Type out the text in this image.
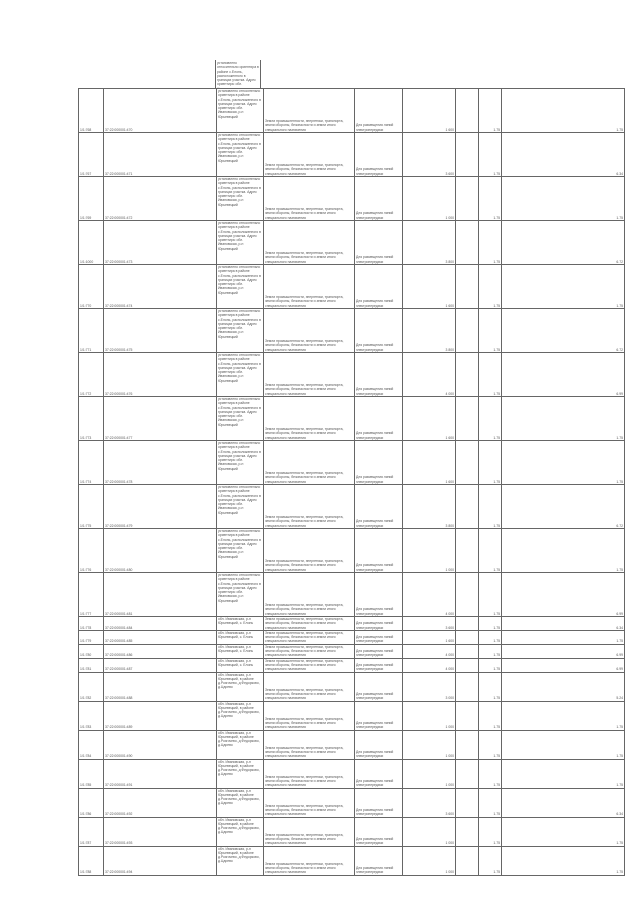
установлено относительно ориентира в районе с.Елонь, расположенного в границах участка. Адрес ориентира: обл.
1/1:768	37:22:000001:470	установлено относительно ориентира в районе с.Елонь, расположенного в границах участка. Адрес ориентира: обл. Ивановская, р-н Юрьевецкий	Земли промышленности, энергетики, транспорта, земли обороны, безопасности и земли иного специального назначения	Для размещения линий электропередачи	1 600		1.75	1.75
1/1:767	37:22:000001:471	установлено относительно ориентира в районе с.Елонь, расположенного в границах участка. Адрес ориентира: обл. Ивановская, р-н Юрьевецкий	Земли промышленности, энергетики, транспорта, земли обороны, безопасности и земли иного специального назначения	Для размещения линий электропередачи	3 600		1.75	6.34
1/1:769	37:22:000001:472	установлено относительно ориентира в районе с.Елонь, расположенного в границах участка. Адрес ориентира: обл. Ивановская, р-н Юрьевецкий	Земли промышленности, энергетики, транспорта, земли обороны, безопасности и земли иного специального назначения	Для размещения линий электропередачи	1 000		1.75	1.75
1/1:1000	37:22:000001:473	установлено относительно ориентира в районе с.Елонь, расположенного в границах участка. Адрес ориентира: обл. Ивановская, р-н Юрьевецкий	Земли промышленности, энергетики, транспорта, земли обороны, безопасности и земли иного специального назначения	Для размещения линий электропередачи	3 800		1.75	6.72
1/1:770	37:22:000001:474	установлено относительно ориентира в районе с.Елонь, расположенного в границах участка. Адрес ориентира: обл. Ивановская, р-н Юрьевецкий	Земли промышленности, энергетики, транспорта, земли обороны, безопасности и земли иного специального назначения	Для размещения линий электропередачи	1 600		1.75	1.75
1/1:771	37:22:000001:475	установлено относительно ориентира в районе с.Елонь, расположенного в границах участка. Адрес ориентира: обл. Ивановская, р-н Юрьевецкий	Земли промышленности, энергетики, транспорта, земли обороны, безопасности и земли иного специального назначения	Для размещения линий электропередачи	3 800		1.75	6.72
1/1:772	37:22:000001:476	установлено относительно ориентира в районе с.Елонь, расположенного в границах участка. Адрес ориентира: обл. Ивановская, р-н Юрьевецкий	Земли промышленности, энергетики, транспорта, земли обороны, безопасности и земли иного специального назначения	Для размещения линий электропередачи	4 000		1.75	6.99
1/1:773	37:22:000001:477	установлено относительно ориентира в районе с.Елонь, расположенного в границах участка. Адрес ориентира: обл. Ивановская, р-н Юрьевецкий	Земли промышленности, энергетики, транспорта, земли обороны, безопасности и земли иного специального назначения	Для размещения линий электропередачи	1 600		1.75	1.75
1/1:774	37:22:000001:478	установлено относительно ориентира в районе с.Елонь, расположенного в границах участка. Адрес ориентира: обл. Ивановская, р-н Юрьевецкий	Земли промышленности, энергетики, транспорта, земли обороны, безопасности и земли иного специального назначения	Для размещения линий электропередачи	1 600		1.75	1.75
1/1:775	37:22:000001:479	установлено относительно ориентира в районе с.Елонь, расположенного в границах участка. Адрес ориентира: обл. Ивановская, р-н Юрьевецкий	Земли промышленности, энергетики, транспорта, земли обороны, безопасности и земли иного специального назначения	Для размещения линий электропередачи	3 800		1.75	6.72
1/1:776	37:22:000001:480	установлено относительно ориентира в районе с.Елонь, расположенного в границах участка. Адрес ориентира: обл. Ивановская, р-н Юрьевецкий	Земли промышленности, энергетики, транспорта, земли обороны, безопасности и земли иного специального назначения	Для размещения линий электропередачи	1 000		1.75	1.75
1/1:777	37:22:000001:481	установлено относительно ориентира в районе с.Елонь, расположенного в границах участка. Адрес ориентира: обл. Ивановская, р-н Юрьевецкий	Земли промышленности, энергетики, транспорта, земли обороны, безопасности и земли иного специального назначения	Для размещения линий электропередачи	4 000		1.75	6.99
1/1:778	37:22:000001:484	обл. Ивановская, р-н Юрьевецкий, с. Елонь	Земли промышленности, энергетики, транспорта, земли обороны, безопасности и земли иного специального назначения	Для размещения линий электропередачи	3 600		1.75	6.34
1/1:779	37:22:000001:485	обл. Ивановская, р-н Юрьевецкий, с. Елонь	Земли промышленности, энергетики, транспорта, земли обороны, безопасности и земли иного специального назначения	Для размещения линий электропередачи	1 600		1.75	1.75
1/1:780	37:22:000001:486	обл. Ивановская, р-н Юрьевецкий, с. Елонь	Земли промышленности, энергетики, транспорта, земли обороны, безопасности и земли иного специального назначения	Для размещения линий электропередачи	4 000		1.75	6.99
1/1:781	37:22:000001:487	обл. Ивановская, р-н Юрьевецкий, с. Елонь	Земли промышленности, энергетики, транспорта, земли обороны, безопасности и земли иного специального назначения	Для размещения линий электропередачи	4 000		1.75	6.99
1/1:782	37:22:000001:488	обл. Ивановская, р-н Юрьевецкий, в районе д.Розгочево, д.Федорково, д.Царево	Земли промышленности, энергетики, транспорта, земли обороны, безопасности и земли иного специального назначения	Для размещения линий электропередачи	3 000		1.75	5.24
1/1:783	37:22:000001:489	обл. Ивановская, р-н Юрьевецкий, в районе д.Розгочево, д.Федорково, д.Царево	Земли промышленности, энергетики, транспорта, земли обороны, безопасности и земли иного специального назначения	Для размещения линий электропередачи	1 000		1.75	1.75
1/1:784	37:22:000001:490	обл. Ивановская, р-н Юрьевецкий, в районе д.Розгочево, д.Федорково, д.Царево	Земли промышленности, энергетики, транспорта, земли обороны, безопасности и земли иного специального назначения	Для размещения линий электропередачи	1 000		1.75	1.75
1/1:785	37:22:000001:491	обл. Ивановская, р-н Юрьевецкий, в районе д.Розгочево, д.Федорково, д.Царево	Земли промышленности, энергетики, транспорта, земли обороны, безопасности и земли иного специального назначения	Для размещения линий электропередачи	1 000		1.75	1.75
1/1:786	37:22:000001:492	обл. Ивановская, р-н Юрьевецкий, в районе д.Розгочево, д.Федорково, д.Царево	Земли промышленности, энергетики, транспорта, земли обороны, безопасности и земли иного специального назначения	Для размещения линий электропередачи	3 600		1.75	6.34
1/1:787	37:22:000001:493	обл. Ивановская, р-н Юрьевецкий, в районе д.Розгочево, д.Федорково, д.Царево	Земли промышленности, энергетики, транспорта, земли обороны, безопасности и земли иного специального назначения	Для размещения линий электропередачи	1 000		1.75	1.75
1/1:788	37:22:000001:494	обл. Ивановская, р-н Юрьевецкий, в районе д.Розгочево, д.Федорково, д.Царево	Земли промышленности, энергетики, транспорта, земли обороны, безопасности и земли иного специального назначения	Для размещения линий электропередачи	1 000		1.75	1.75
